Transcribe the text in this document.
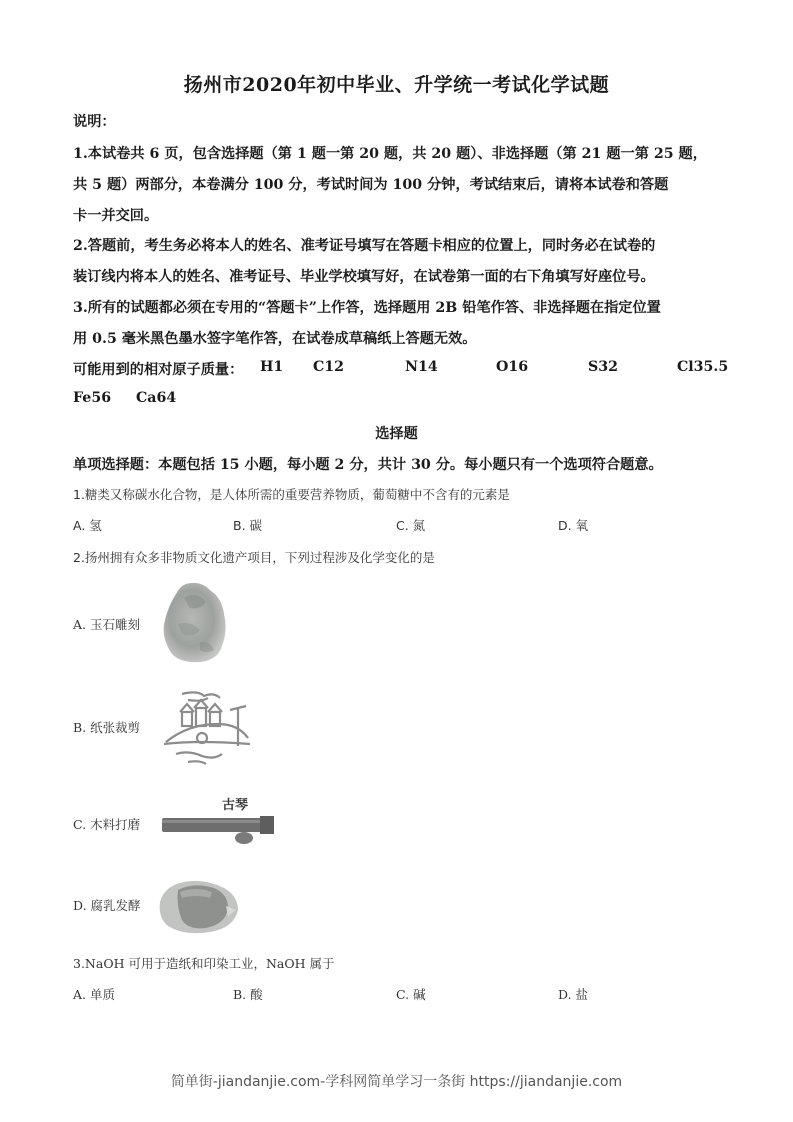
扬州市2020年初中毕业、升学统一考试化学试题
说明：
1.本试卷共 6 页，包含选择题（第 1 题一第 20 题，共 20 题）、非选择题（第 21 题一第 25 题，
共 5 题）两部分，本卷满分 100 分，考试时间为 100 分钟，考试结束后，请将本试卷和答题
卡一并交回。
2.答题前，考生务必将本人的姓名、准考证号填写在答题卡相应的位置上，同时务必在试卷的
装订线内将本人的姓名、准考证号、毕业学校填写好，在试卷第一面的右下角填写好座位号。
3.所有的试题都必须在专用的“答题卡”上作答，选择题用 2B 铅笔作答、非选择题在指定位置
用 0.5 毫米黑色墨水签字笔作答，在试卷成草稿纸上答题无效。
可能用到的相对原子质量： H1 C12	N14	O16	S32	Cl35.5
Fe56 Ca64
选择题
单项选择题：本题包括 15 小题，每小题 2 分，共计 30 分。每小题只有一个选项符合题意。
1.糖类又称碳水化合物，是人体所需的重要营养物质，葡萄糖中不含有的元素是
A. 氢	B. 碳	C. 氮	D. 氧
2.扬州拥有众多非物质文化遗产项目，下列过程涉及化学变化的是
A. 玉石雕刻
B. 纸张裁剪
C. 木料打磨
古琴
D. 腐乳发酵
3.NaOH 可用于造纸和印染工业，NaOH 属于
A. 单质	B. 酸	C. 碱	D. 盐
简单街-jiandanjie.com-学科网简单学习一条街 https://jiandanjie.com
